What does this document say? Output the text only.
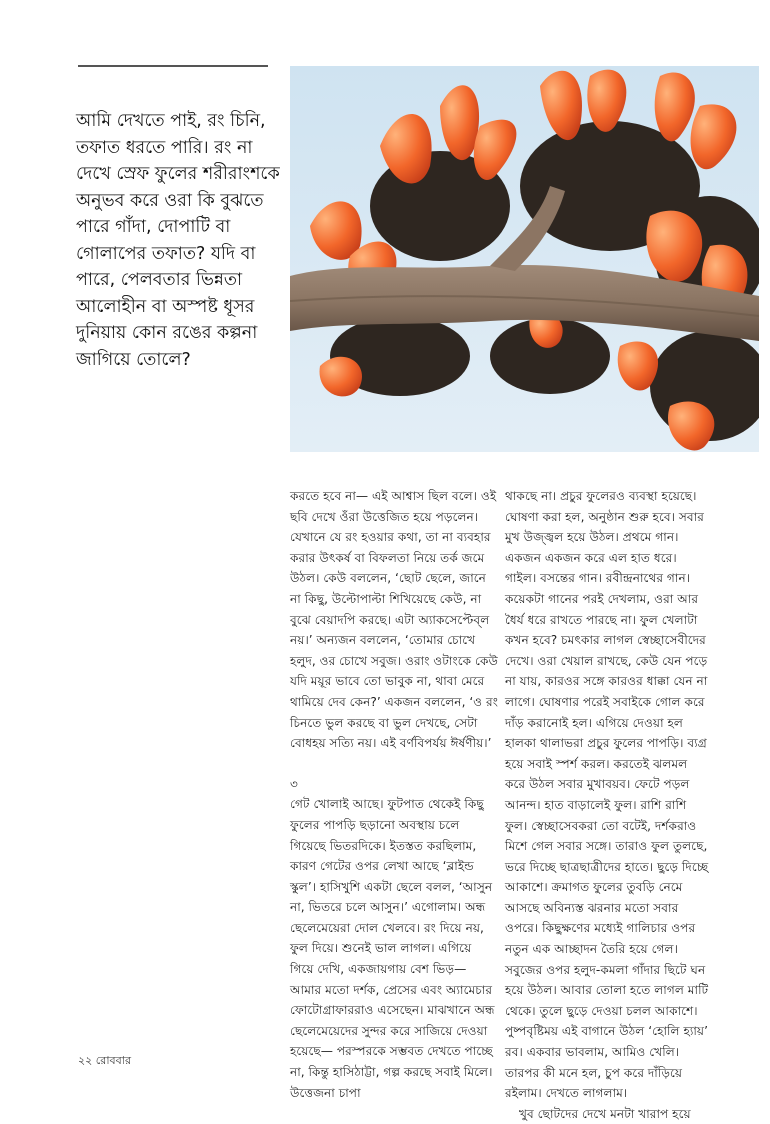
আমি দেখতে পাই, রং চিনি, তফাত ধরতে পারি। রং না দেখে স্রেফ ফুলের শরীরাংশকে অনুভব করে ওরা কি বুঝতে পারে গাঁদা, দোপাটি বা গোলাপের তফাত? যদি বা পারে, পেলবতার ভিন্নতা আলোহীন বা অস্পষ্ট ধূসর দুনিয়ায় কোন রঙের কল্পনা জাগিয়ে তোলে?

করতে হবে না— এই আশ্বাস ছিল বলে। ওই ছবি দেখে ওঁরা উত্তেজিত হয়ে পড়লেন। যেখানে যে রং হওয়ার কথা, তা না ব্যবহার করার উৎকর্ষ বা বিফলতা নিয়ে তর্ক জমে উঠল। কেউ বললেন, ‘ছোট ছেলে, জানে না কিছু, উল্টোপাল্টা শিখিয়েছে কেউ, না বুঝে বেয়াদপি করছে। এটা অ্যাকসেপ্টেব্‌ল নয়।’ অন্যজন বললেন, ‘তোমার চোখে হলুদ, ওর চোখে সবুজ। ওরাং ওটাংকে কেউ যদি ময়ূর ভাবে তো ভাবুক না, থাবা মেরে থামিয়ে দেব কেন?’ একজন বললেন, ‘ও রং চিনতে ভুল করছে বা ভুল দেখছে, সেটা বোধহয় সত্যি নয়। এই বর্ণবিপর্যয় ঈর্ষণীয়।’

৩

গেট খোলাই আছে। ফুটপাত থেকেই কিছু ফুলের পাপড়ি ছড়ানো অবস্থায় চলে গিয়েছে ভিতরদিকে। ইতস্তত করছিলাম, কারণ গেটের ওপর লেখা আছে ‘ব্লাইন্ড স্কুল’। হাসিখুশি একটা ছেলে বলল, ‘আসুন না, ভিতরে চলে আসুন।’ এগোলাম। অন্ধ ছেলেমেয়েরা দোল খেলবে। রং দিয়ে নয়, ফুল দিয়ে। শুনেই ভাল লাগল। এগিয়ে গিয়ে দেখি, একজায়গায় বেশ ভিড়— আমার মতো দর্শক, প্রেসের এবং অ্যামেচার ফোটোগ্রাফাররাও এসেছেন। মাঝখানে অন্ধ ছেলেমেয়েদের সুন্দর করে সাজিয়ে দেওয়া হয়েছে— পরস্পরকে সম্ভবত দেখতে পাচ্ছে না, কিন্তু হাসিঠাট্টা, গল্প করছে সবাই মিলে। উত্তেজনা চাপা

থাকছে না। প্রচুর ফুলেরও ব্যবস্থা হয়েছে। ঘোষণা করা হল, অনুষ্ঠান শুরু হবে। সবার মুখ উজ্জ্বল হয়ে উঠল। প্রথমে গান। একজন একজন করে এল হাত ধরে। গাইল। বসন্তের গান। রবীন্দ্রনাথের গান। কয়েকটা গানের পরই দেখলাম, ওরা আর ধৈর্য ধরে রাখতে পারছে না। ফুল খেলাটা কখন হবে? চমৎকার লাগল স্বেচ্ছাসেবীদের দেখে। ওরা খেয়াল রাখছে, কেউ যেন পড়ে না যায়, কারওর সঙ্গে কারওর ধাক্কা যেন না লাগে। ঘোষণার পরেই সবাইকে গোল করে দাঁড় করানোই হল। এগিয়ে দেওয়া হল হালকা থালাভরা প্রচুর ফুলের পাপড়ি। ব্যগ্র হয়ে সবাই স্পর্শ করল। করতেই ঝলমল করে উঠল সবার মুখাবয়ব। ফেটে পড়ল আনন্দ। হাত বাড়ালেই ফুল। রাশি রাশি ফুল। স্বেচ্ছাসেবকরা তো বটেই, দর্শকরাও মিশে গেল সবার সঙ্গে। তারাও ফুল তুলছে, ভরে দিচ্ছে ছাত্রছাত্রীদের হাতে। ছুড়ে দিচ্ছে আকাশে। ক্রমাগত ফুলের তুবড়ি নেমে আসছে অবিন্যস্ত ঝরনার মতো সবার ওপরে। কিছুক্ষণের মধ্যেই গালিচার ওপর নতুন এক আচ্ছাদন তৈরি হয়ে গেল। সবুজের ওপর হলুদ-কমলা গাঁদার ছিটে ঘন হয়ে উঠল। আবার তোলা হতে লাগল মাটি থেকে। তুলে ছুড়ে দেওয়া চলল আকাশে। পুষ্পবৃষ্টিময় এই বাগানে উঠল ‘হোলি হ্যায়’ রব। একবার ভাবলাম, আমিও খেলি। তারপর কী মনে হল, চুপ করে দাঁড়িয়ে রইলাম। দেখতে লাগলাম।

খুব ছোটদের দেখে মনটা খারাপ হয়ে

২২ রোববার
